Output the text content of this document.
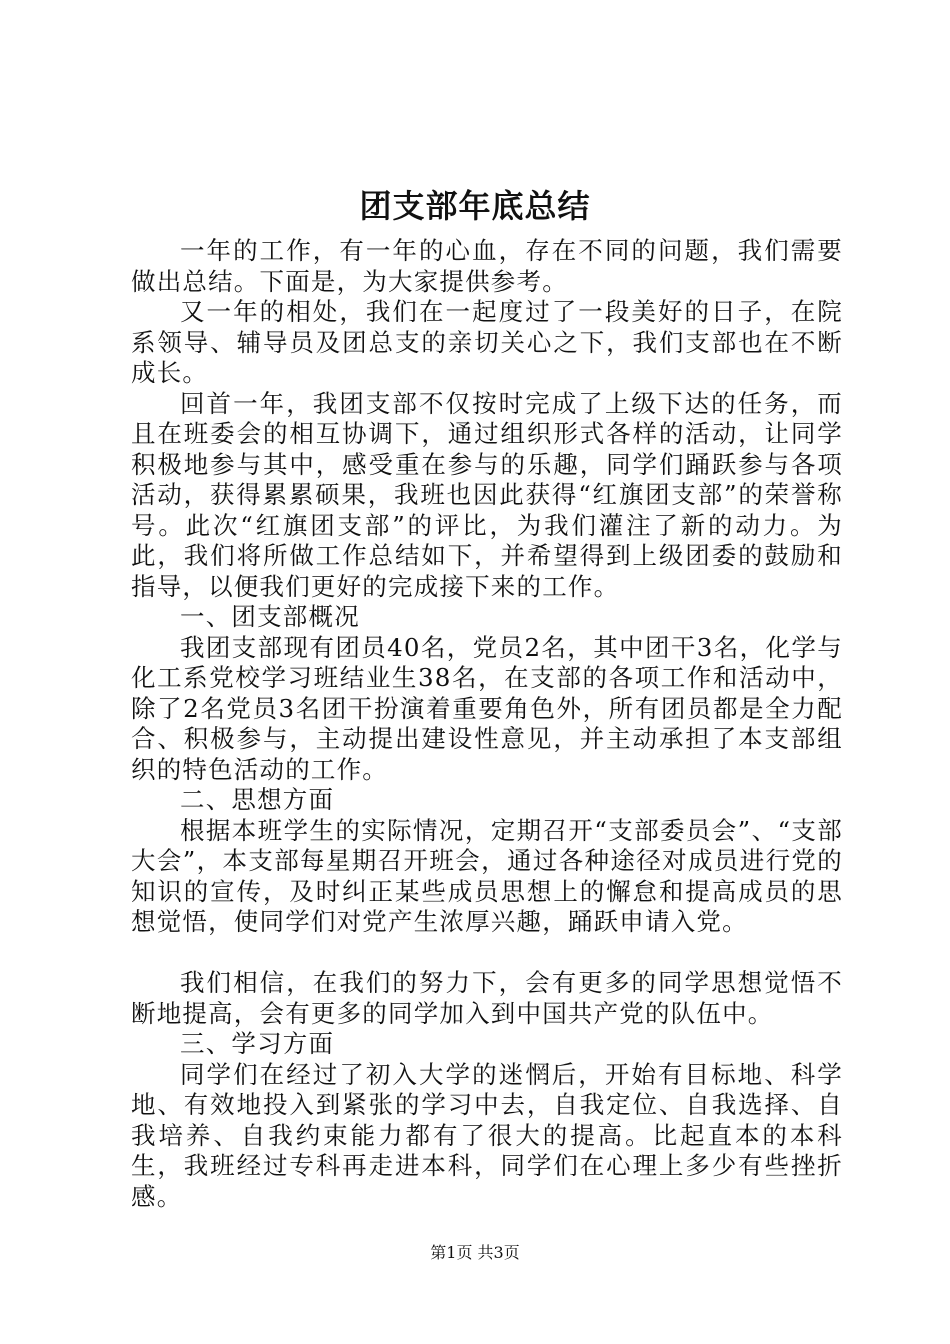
团支部年底总结

一年的工作，有一年的心血，存在不同的问题，我们需要做出总结。下面是，为大家提供参考。

又一年的相处，我们在一起度过了一段美好的日子，在院系领导、辅导员及团总支的亲切关心之下，我们支部也在不断成长。

回首一年，我团支部不仅按时完成了上级下达的任务，而且在班委会的相互协调下，通过组织形式各样的活动，让同学积极地参与其中，感受重在参与的乐趣，同学们踊跃参与各项活动，获得累累硕果，我班也因此获得“红旗团支部”的荣誉称号。此次“红旗团支部”的评比，为我们灌注了新的动力。为此，我们将所做工作总结如下，并希望得到上级团委的鼓励和指导，以便我们更好的完成接下来的工作。

一、团支部概况

我团支部现有团员40名，党员2名，其中团干3名，化学与化工系党校学习班结业生38名，在支部的各项工作和活动中，除了2名党员3名团干扮演着重要角色外，所有团员都是全力配合、积极参与，主动提出建设性意见，并主动承担了本支部组织的特色活动的工作。

二、思想方面

根据本班学生的实际情况，定期召开“支部委员会”、“支部大会”，本支部每星期召开班会，通过各种途径对成员进行党的知识的宣传，及时纠正某些成员思想上的懈怠和提高成员的思想觉悟，使同学们对党产生浓厚兴趣，踊跃申请入党。

我们相信，在我们的努力下，会有更多的同学思想觉悟不断地提高，会有更多的同学加入到中国共产党的队伍中。

三、学习方面

同学们在经过了初入大学的迷惘后，开始有目标地、科学地、有效地投入到紧张的学习中去，自我定位、自我选择、自我培养、自我约束能力都有了很大的提高。比起直本的本科生，我班经过专科再走进本科，同学们在心理上多少有些挫折感。

第1页 共3页
